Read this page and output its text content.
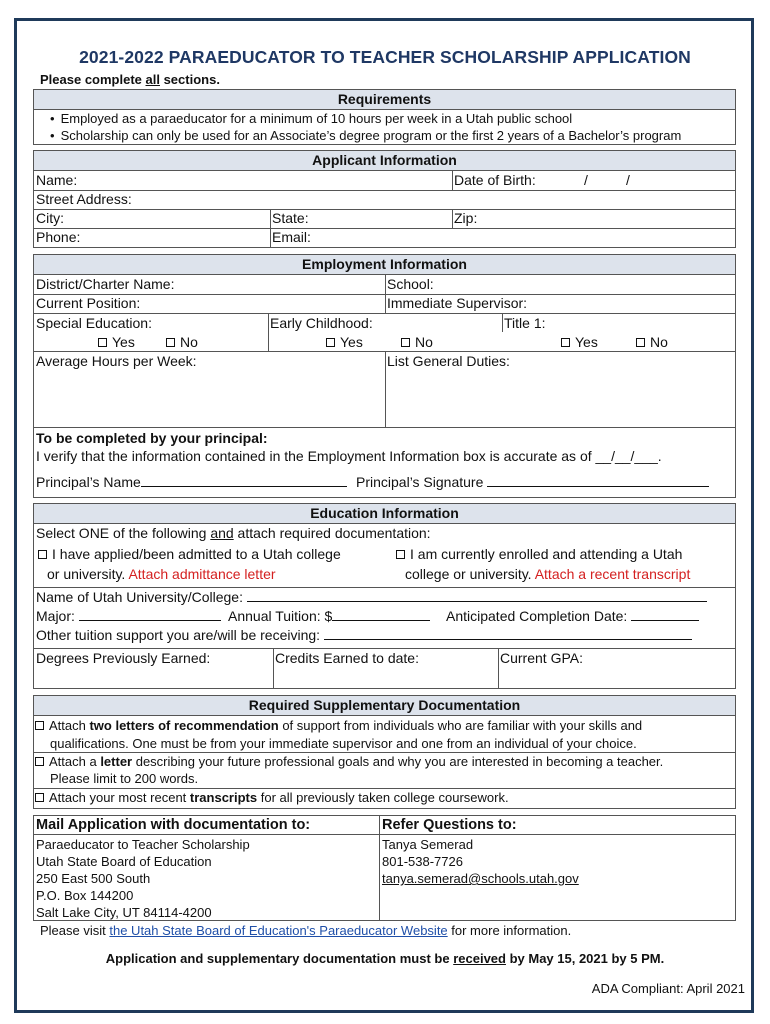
2021-2022 PARAEDUCATOR TO TEACHER SCHOLARSHIP APPLICATION
Please complete all sections.
Requirements
• Employed as a paraeducator for a minimum of 10 hours per week in a Utah public school
• Scholarship can only be used for an Associate’s degree program or the first 2 years of a Bachelor’s program
Applicant Information
Name:	Date of Birth:	/	/
Street Address:
City:	State:	Zip:
Phone:	Email:
Employment Information
District/Charter Name:	School:
Current Position:	Immediate Supervisor:
Special Education:	Early Childhood:	Title 1:
Yes	No	Yes	No	Yes	No
Average Hours per Week:	List General Duties:
To be completed by your principal:
I verify that the information contained in the Employment Information box is accurate as of __/__/___.
Principal’s Name	Principal’s Signature
Education Information
Select ONE of the following and attach required documentation:
I have applied/been admitted to a Utah college
or university. Attach admittance letter
I am currently enrolled and attending a Utah
college or university. Attach a recent transcript
Name of Utah University/College:
Major:	Annual Tuition: $	Anticipated Completion Date:
Other tuition support you are/will be receiving:
Degrees Previously Earned:	Credits Earned to date:	Current GPA:
Required Supplementary Documentation
Attach two letters of recommendation of support from individuals who are familiar with your skills and
qualifications. One must be from your immediate supervisor and one from an individual of your choice.
Attach a letter describing your future professional goals and why you are interested in becoming a teacher.
Please limit to 200 words.
Attach your most recent transcripts for all previously taken college coursework.
Mail Application with documentation to:
Paraeducator to Teacher Scholarship
Utah State Board of Education
250 East 500 South
P.O. Box 144200
Salt Lake City, UT 84114-4200
Refer Questions to:
Tanya Semerad
801-538-7726
tanya.semerad@schools.utah.gov
Please visit the Utah State Board of Education's Paraeducator Website for more information.
Application and supplementary documentation must be received by May 15, 2021 by 5 PM.
ADA Compliant: April 2021
